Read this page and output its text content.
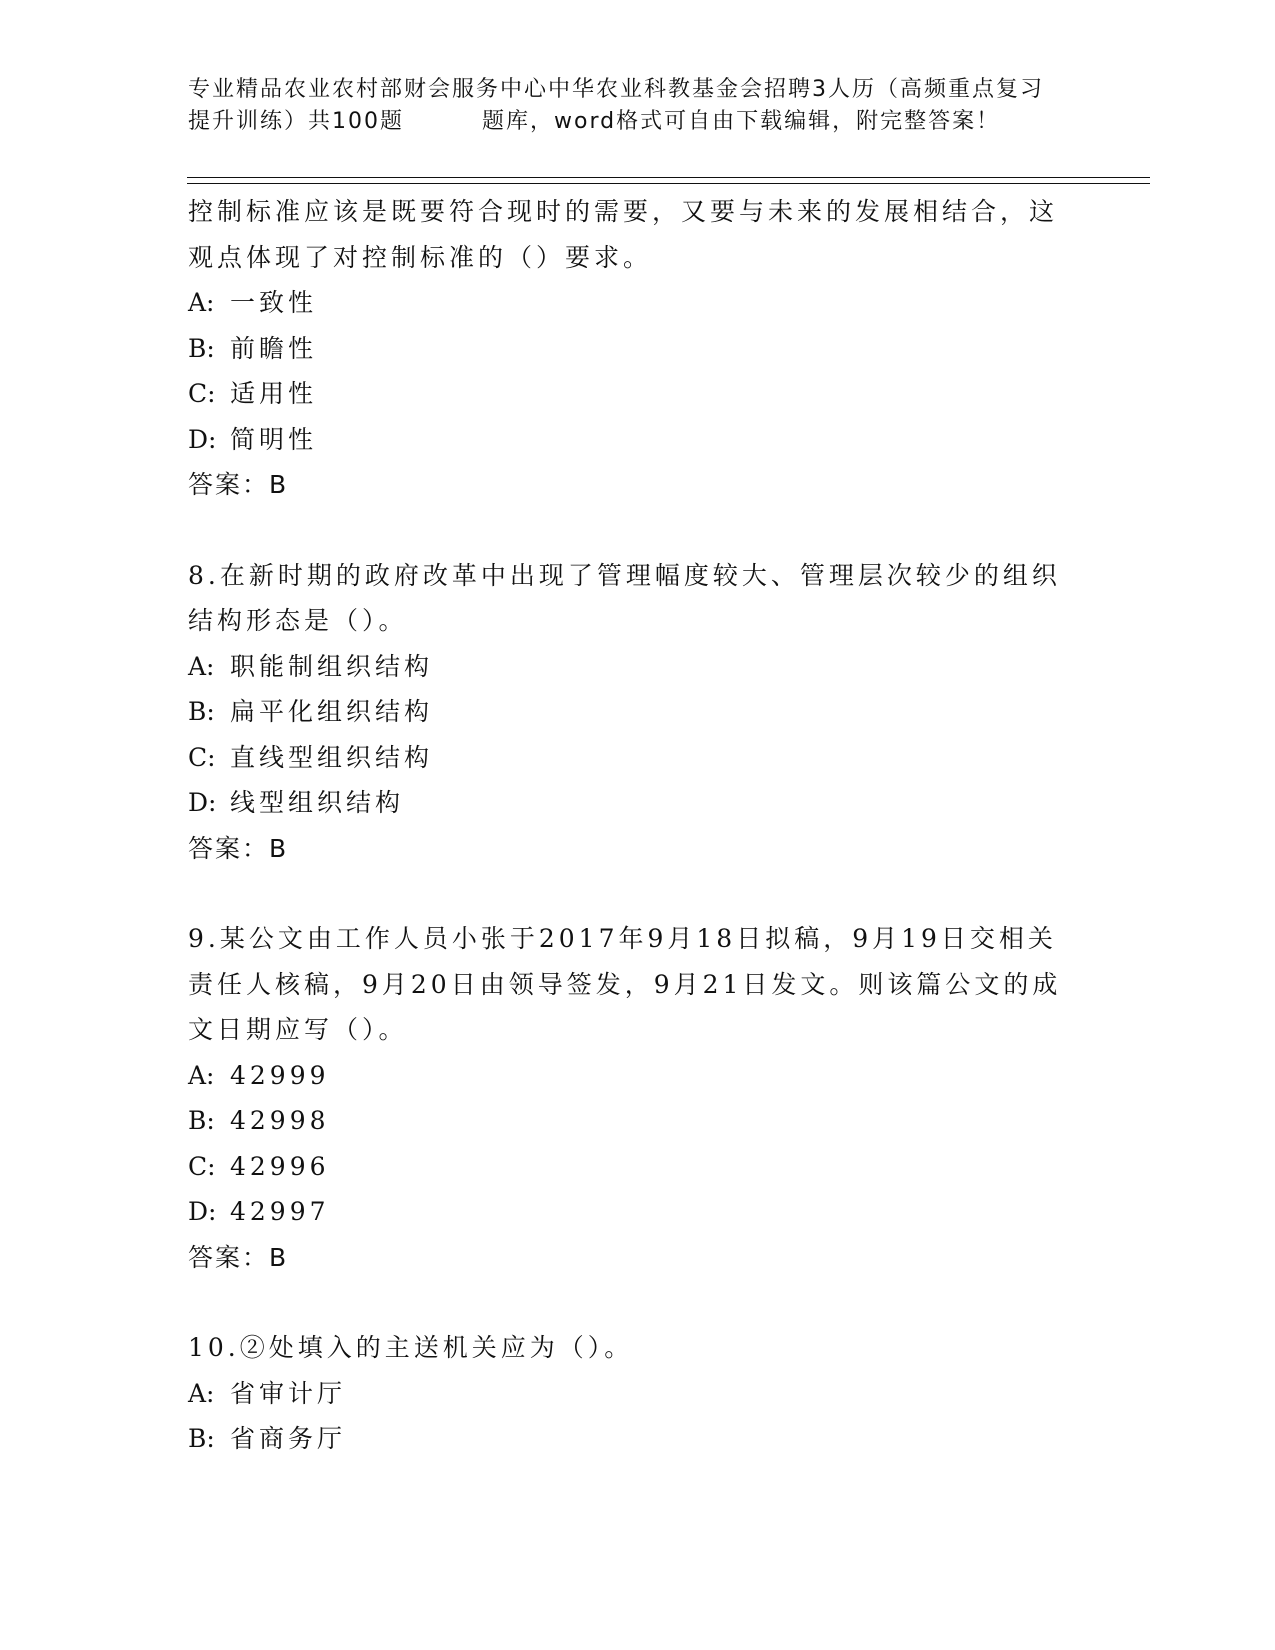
专业精品农业农村部财会服务中心中华农业科教基金会招聘3人历（高频重点复习
提升训练）共100题	题库，word格式可自由下载编辑，附完整答案！
控制标准应该是既要符合现时的需要，又要与未来的发展相结合，这
观点体现了对控制标准的（）要求。
A: 一致性
B: 前瞻性
C: 适用性
D: 简明性
答案：B
8.在新时期的政府改革中出现了管理幅度较大、管理层次较少的组织
结构形态是（）。
A: 职能制组织结构
B: 扁平化组织结构
C: 直线型组织结构
D: 线型组织结构
答案：B
9.某公文由工作人员小张于2017年9月18日拟稿，9月19日交相关
责任人核稿，9月20日由领导签发，9月21日发文。则该篇公文的成
文日期应写（）。
A: 42999
B: 42998
C: 42996
D: 42997
答案：B
10.②处填入的主送机关应为（）。
A: 省审计厅
B: 省商务厅
